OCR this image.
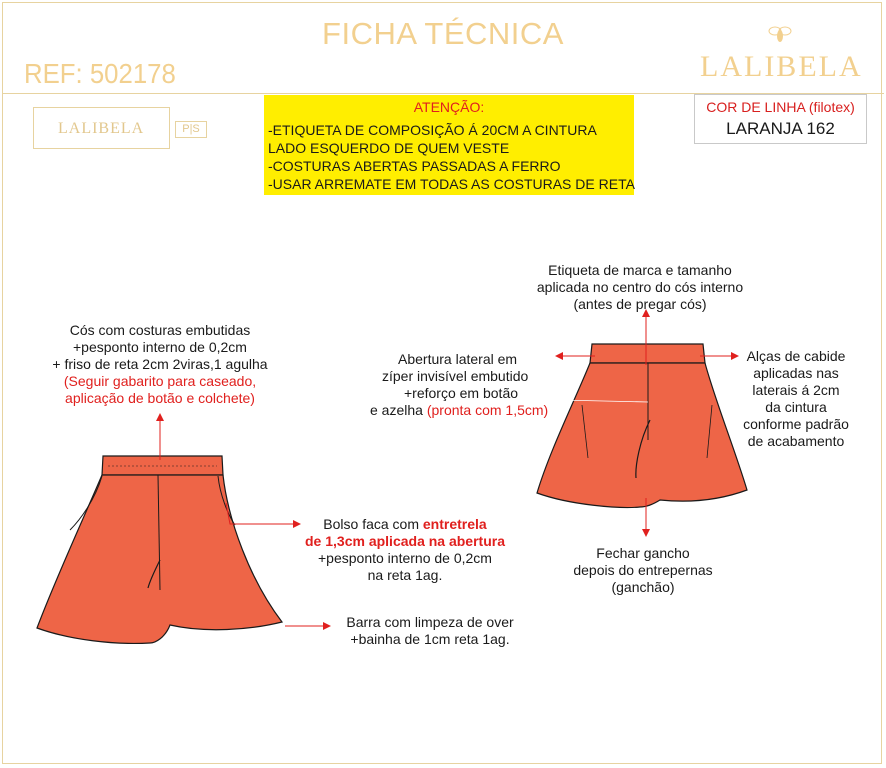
FICHA TÉCNICA
REF: 502178	LALIBELA
LALIBELA	P|S
ATENÇÃO:
-ETIQUETA DE COMPOSIÇÃO Á 20CM A CINTURA
LADO ESQUERDO DE QUEM VESTE
-COSTURAS ABERTAS PASSADAS A FERRO
-USAR ARREMATE EM TODAS AS COSTURAS DE RETA
COR DE LINHA (filotex)
LARANJA 162
Cós com costuras embutidas
+pesponto interno de 0,2cm
+ friso de reta 2cm 2viras,1 agulha
(Seguir gabarito para caseado,
aplicação de botão e colchete)
Bolso faca com entretrela
de 1,3cm aplicada na abertura
+pesponto interno de 0,2cm
na reta 1ag.
Barra com limpeza de over
+bainha de 1cm reta 1ag.
Etiqueta de marca e tamanho
aplicada no centro do cós interno
(antes de pregar cós)
Abertura lateral em
zíper invisível embutido
+reforço em botão
e azelha (pronta com 1,5cm)
Alças de cabide
aplicadas nas
laterais á 2cm
da cintura
conforme padrão
de acabamento
Fechar gancho
depois do entrepernas
(ganchão)
